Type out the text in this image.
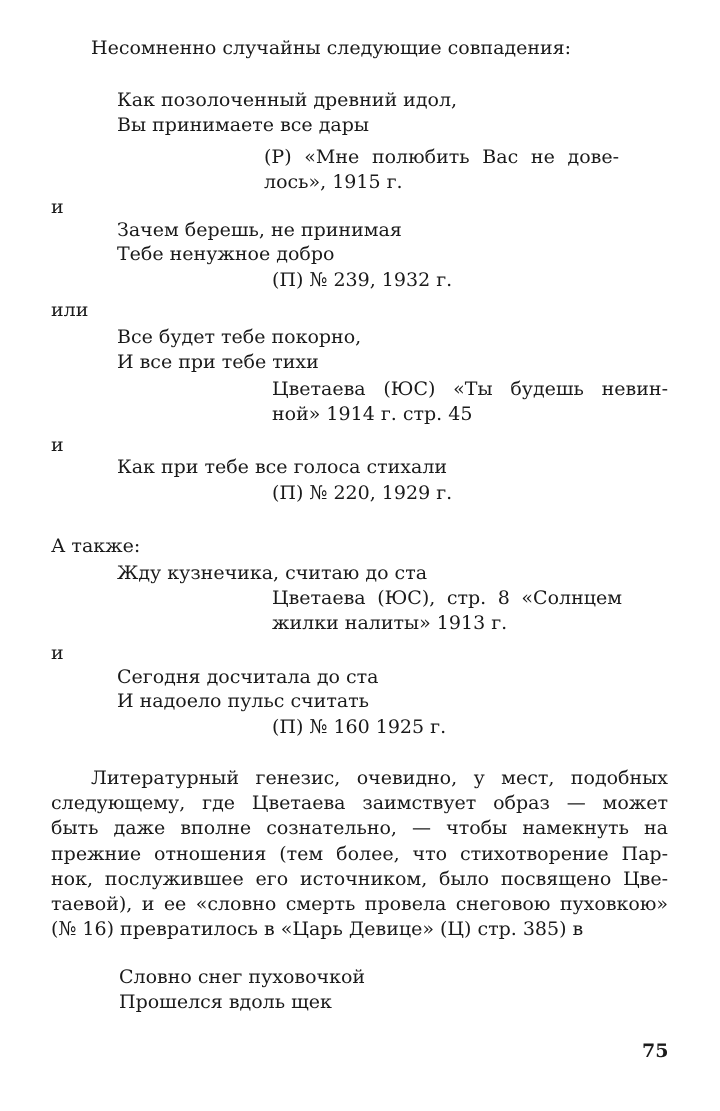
Несомненно случайны следующие совпадения:
Как позолоченный древний идол,
Вы принимаете все дары
(Р) «Мне полюбить Вас не дове-
лось», 1915 г.
и
Зачем берешь, не принимая
Тебе ненужное добро
(П) № 239, 1932 г.
или
Все будет тебе покорно,
И все при тебе тихи
Цветаева (ЮС) «Ты будешь невин-
ной» 1914 г. стр. 45
и
Как при тебе все голоса стихали
(П) № 220, 1929 г.
А также:
Жду кузнечика, считаю до ста
Цветаева (ЮС), стр. 8 «Солнцем
жилки налиты» 1913 г.
и
Сегодня досчитала до ста
И надоело пульс считать
(П) № 160 1925 г.
Литературный генезис, очевидно, у мест, подобных
следующему, где Цветаева заимствует образ — может
быть даже вполне сознательно, — чтобы намекнуть на
прежние отношения (тем более, что стихотворение Пар-
нок, послужившее его источником, было посвящено Цве-
таевой), и ее «словно смерть провела снеговою пуховкою»
(№ 16) превратилось в «Царь Девице» (Ц) стр. 385) в
Словно снег пуховочкой
Прошелся вдоль щек
75
